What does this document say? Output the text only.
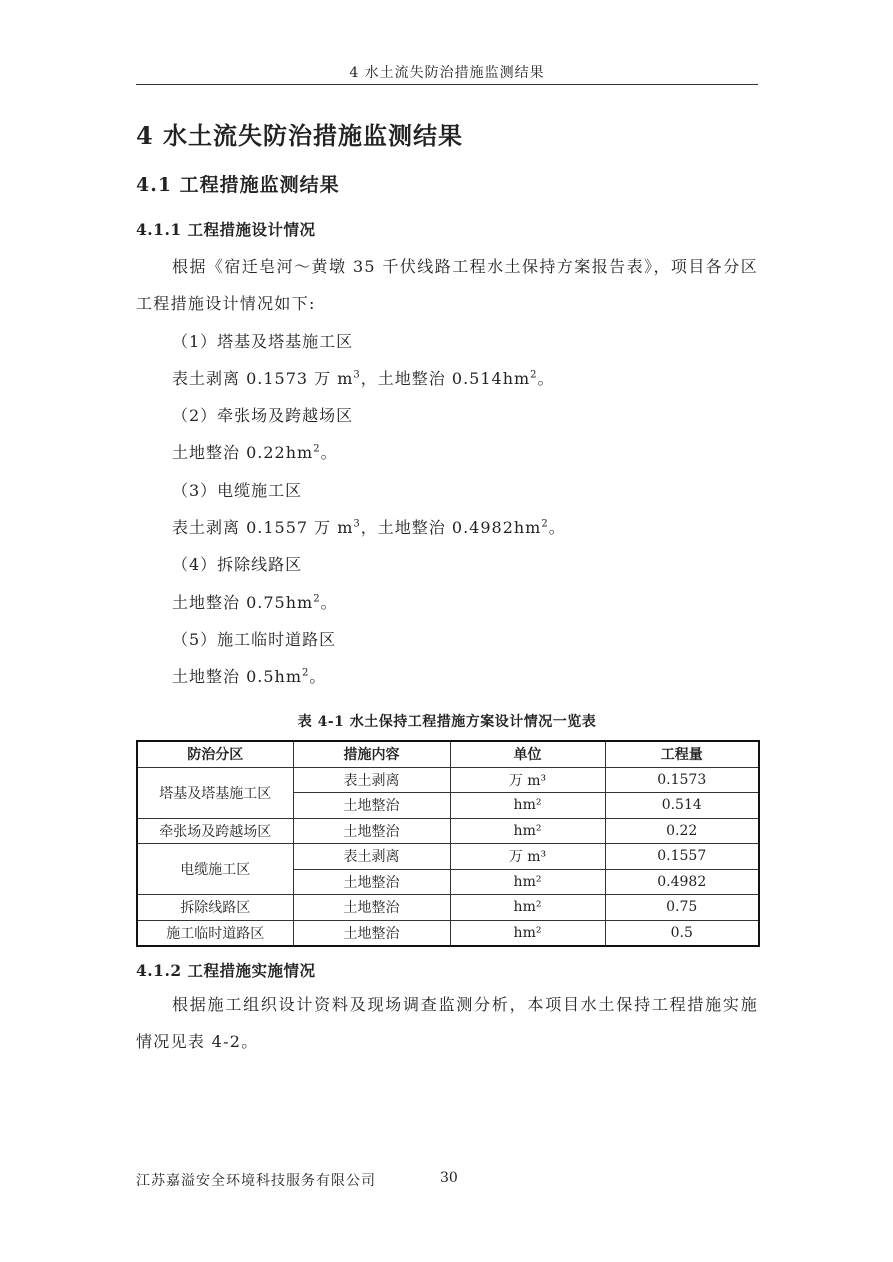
4 水土流失防治措施监测结果
4 水土流失防治措施监测结果
4.1 工程措施监测结果
4.1.1 工程措施设计情况
根据《宿迁皂河～黄墩 35 千伏线路工程水土保持方案报告表》，项目各分区工程措施设计情况如下:
（1）塔基及塔基施工区
表土剥离 0.1573 万 $m^3$，土地整治 $0.514hm^2$。
（2）牵张场及跨越场区
土地整治 $0.22hm^2$。
（3）电缆施工区
表土剥离 0.1557 万 $m^3$，土地整治 $0.4982hm^2$。
（4）拆除线路区
土地整治 $0.75hm^2$。
（5）施工临时道路区
土地整治 $0.5hm^2$。
表 4-1 水土保持工程措施方案设计情况一览表
防治分区	措施内容	单位	工程量
塔基及塔基施工区	表土剥离	万 m³	0.1573
	土地整治	hm²	0.514
牵张场及跨越场区	土地整治	hm²	0.22
电缆施工区	表土剥离	万 m³	0.1557
	土地整治	hm²	0.4982
拆除线路区	土地整治	hm²	0.75
施工临时道路区	土地整治	hm²	0.5
4.1.2 工程措施实施情况
根据施工组织设计资料及现场调查监测分析，本项目水土保持工程措施实施情况见表 4-2。
江苏嘉溢安全环境科技服务有限公司	30
